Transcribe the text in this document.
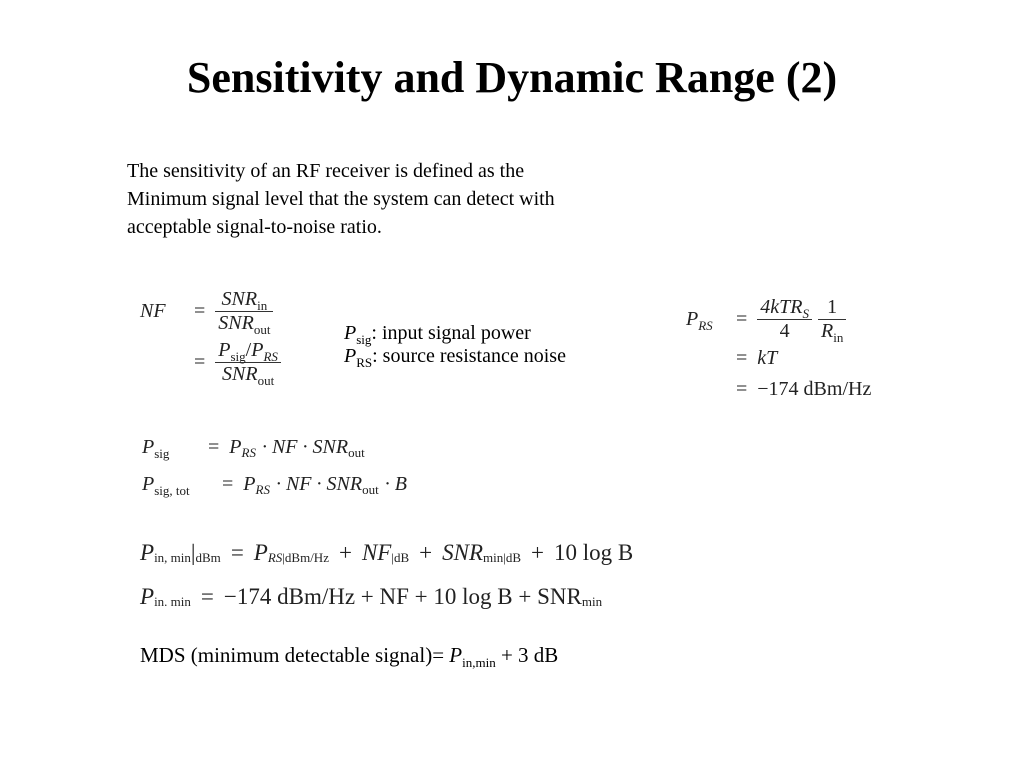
Sensitivity and Dynamic Range (2)
The sensitivity of an RF receiver is defined as the
Minimum signal level that the system can detect with
acceptable signal-to-noise ratio.
NF	= $\frac{SNR_{in}}{SNR_{out}}$
= $\frac{P_{sig}/P_{RS}}{SNR_{out}}$
$P_{sig}$: input signal power
$P_{RS}$: source resistance noise
$P_{RS}$	= $\frac{4kTR_S}{4} \frac{1}{R_{in}}$
= kT
= −174 dBm/Hz
$P_{sig}$	= P RS · NF · SNR out
$P_{sig, tot}$	= P RS · NF · SNR out · B
P in, min | dBm = P RS |dBm/Hz + NF |dB + SNR min |dB + 10 log B
P in. min = −174 dBm/Hz + NF + 10 log B + SNR min
MDS (minimum detectable signal)= $P_{in,min} + 3$ dB
